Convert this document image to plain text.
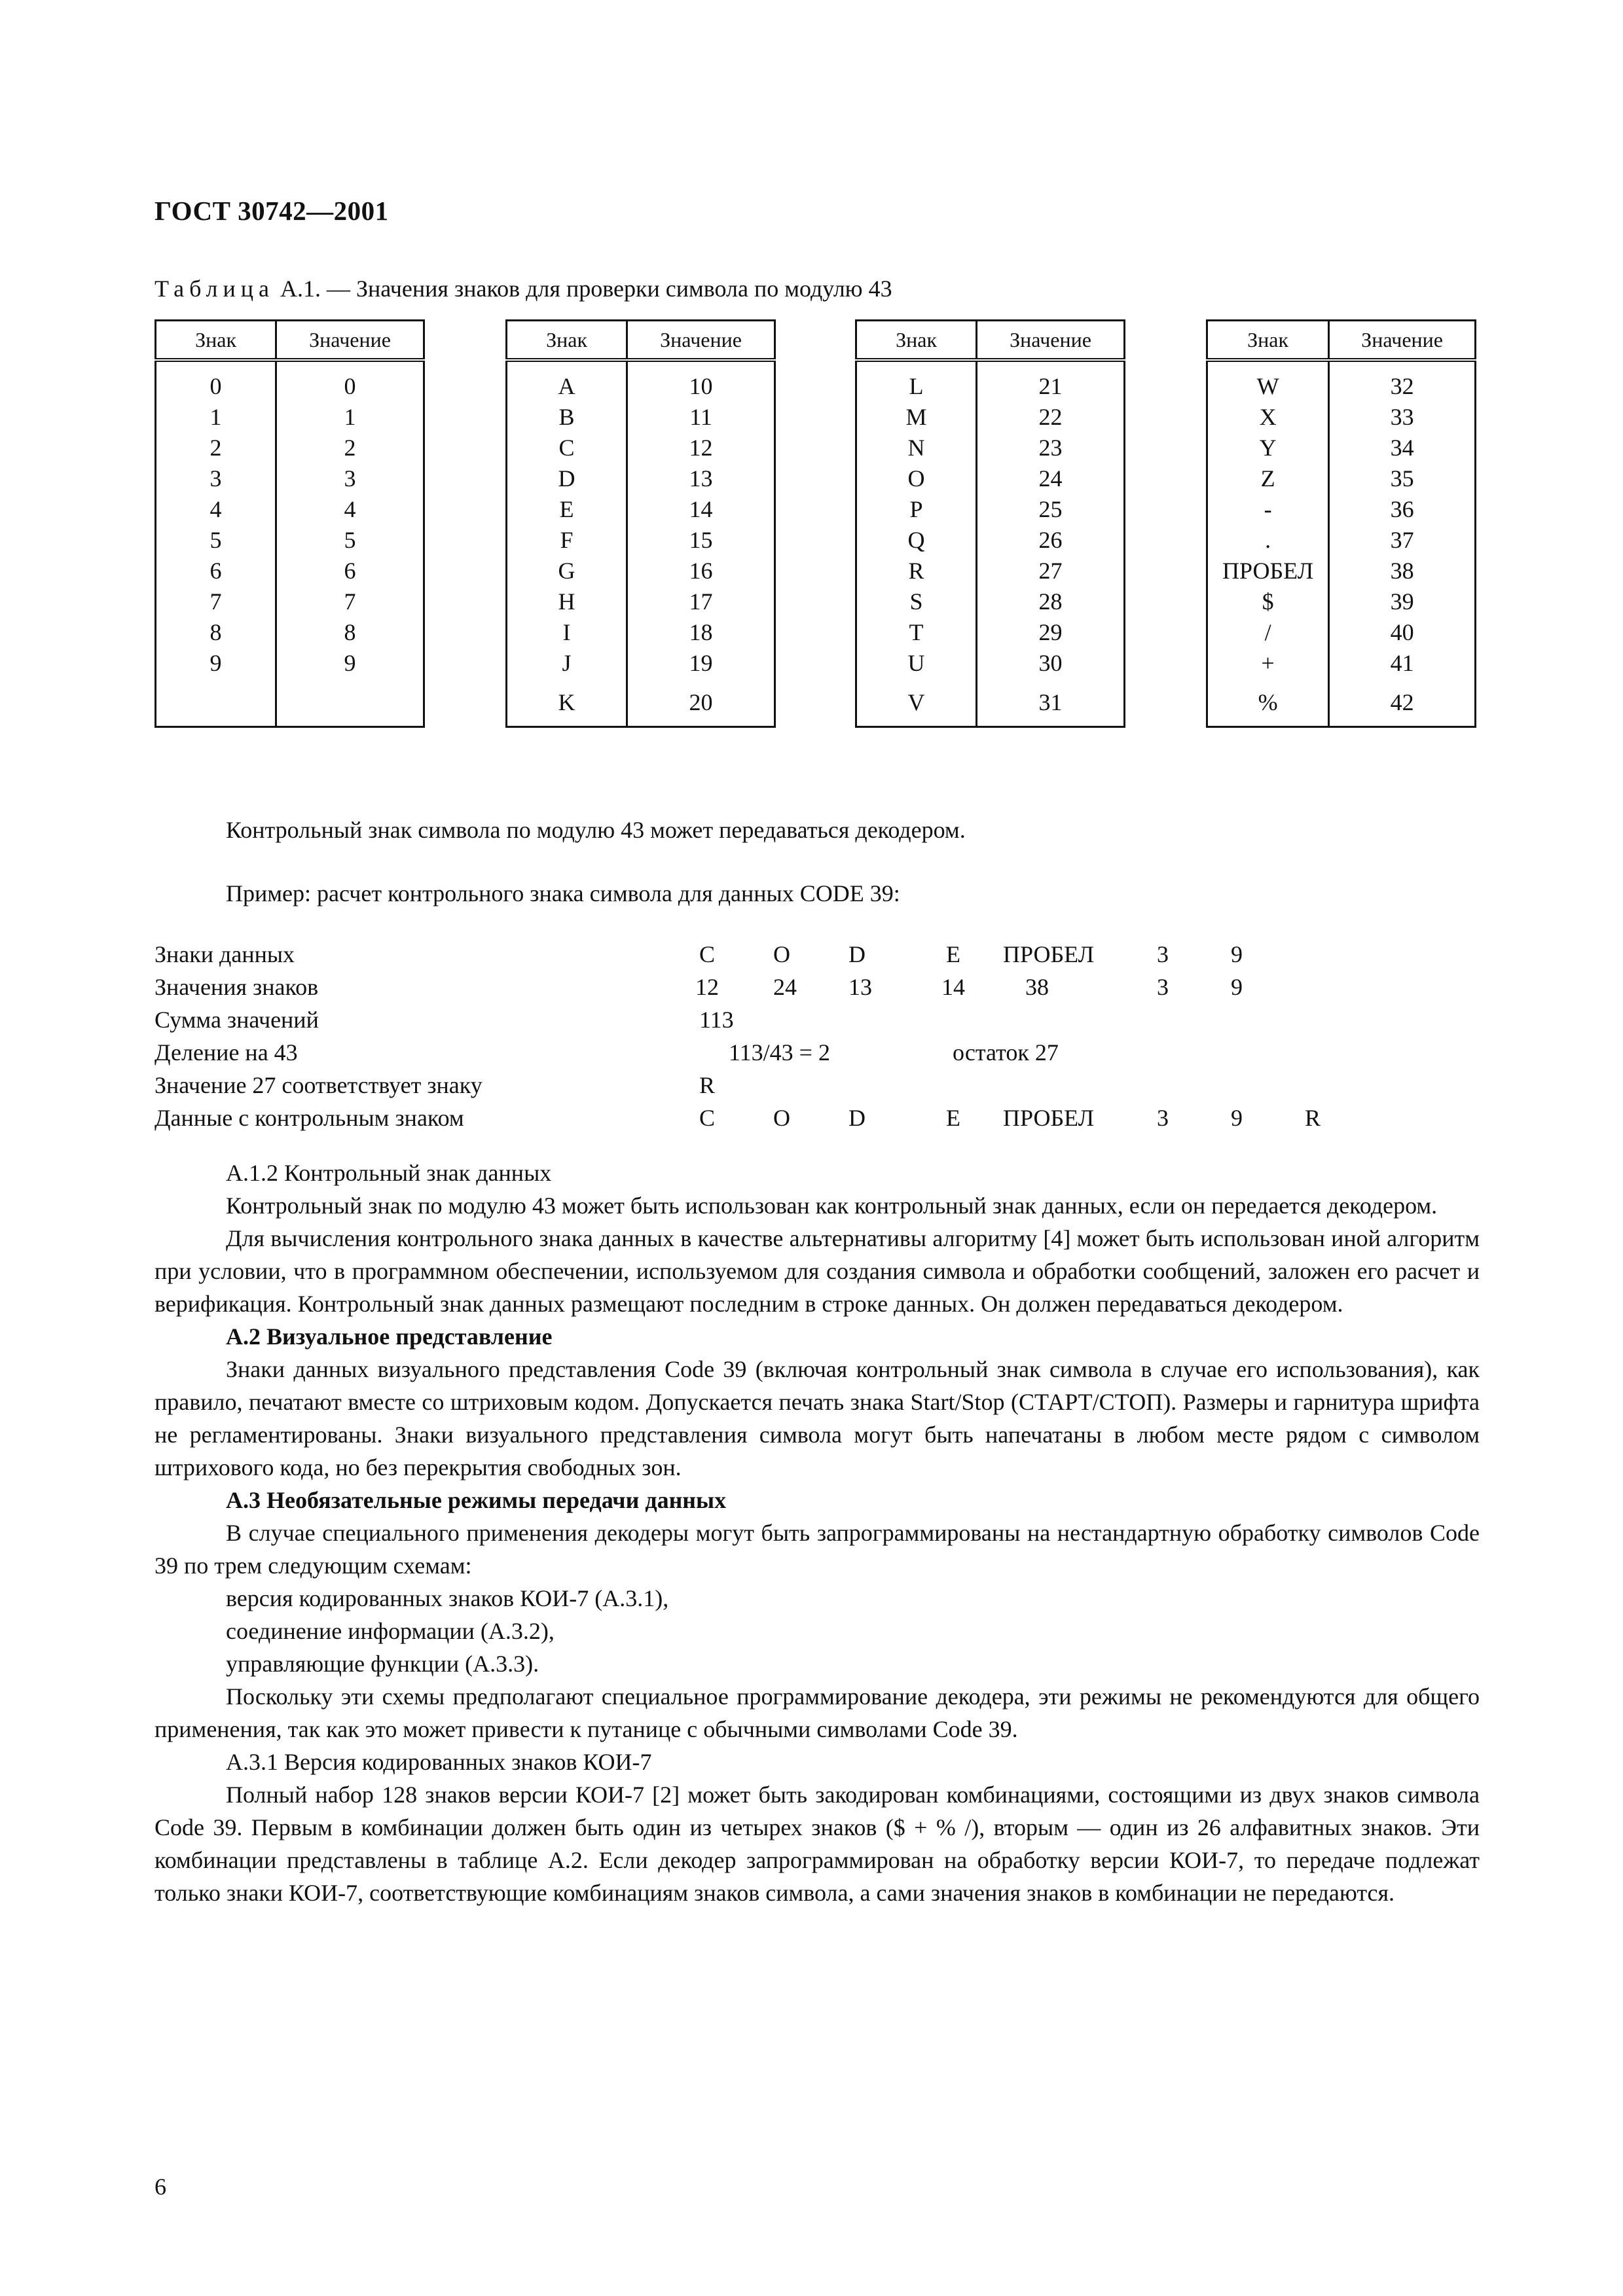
ГОСТ 30742—2001
Таблица А.1. — Значения знаков для проверки символа по модулю 43
Знак	Значение
0	0
1	1
2	2
3	3
4	4
5	5
6	6
7	7
8	8
9	9

Знак	Значение
A	10
B	11
C	12
D	13
E	14
F	15
G	16
H	17
I	18
J	19
K	20
Знак	Значение
L	21
M	22
N	23
O	24
P	25
Q	26
R	27
S	28
T	29
U	30
V	31
Знак	Значение
W	32
X	33
Y	34
Z	35
-	36
.	37
ПРОБЕЛ	38
$	39
/	40
+	41
%	42

Контрольный знак символа по модулю 43 может передаваться декодером.

Пример: расчет контрольного знака символа для данных CODE 39:

Знаки данных	C O D	E ПРОБЕЛ	3	9
Значения знаков	12 24 13	14	38	3	9
Сумма значений	113
Деление на 43	113/43 = 2	остаток 27
Значение 27 соответствует знаку	R
Данные с контрольным знаком	C O D	E ПРОБЕЛ	3	9	R

А.1.2 Контрольный знак данных

Контрольный знак по модулю 43 может быть использован как контрольный знак данных, если он передается декодером.

Для вычисления контрольного знака данных в качестве альтернативы алгоритму [4] может быть использован иной алгоритм при условии, что в программном обеспечении, используемом для создания символа и обработки сообщений, заложен его расчет и верификация. Контрольный знак данных размещают последним в строке данных. Он должен передаваться декодером.

А.2 Визуальное представление

Знаки данных визуального представления Code 39 (включая контрольный знак символа в случае его использования), как правило, печатают вместе со штриховым кодом. Допускается печать знака Start/Stop (СТАРТ/СТОП). Размеры и гарнитура шрифта не регламентированы. Знаки визуального представления символа могут быть напечатаны в любом месте рядом с символом штрихового кода, но без перекрытия свободных зон.

А.3 Необязательные режимы передачи данных

В случае специального применения декодеры могут быть запрограммированы на нестандартную обработку символов Code 39 по трем следующим схемам:

версия кодированных знаков КОИ-7 (А.3.1),

соединение информации (А.3.2),

управляющие функции (А.3.3).

Поскольку эти схемы предполагают специальное программирование декодера, эти режимы не рекомендуются для общего применения, так как это может привести к путанице с обычными символами Code 39.

А.3.1 Версия кодированных знаков КОИ-7

Полный набор 128 знаков версии КОИ-7 [2] может быть закодирован комбинациями, состоящими из двух знаков символа Code 39. Первым в комбинации должен быть один из четырех знаков ($ + % /), вторым — один из 26 алфавитных знаков. Эти комбинации представлены в таблице А.2. Если декодер запрограммирован на обработку версии КОИ-7, то передаче подлежат только знаки КОИ-7, соответствующие комбинациям знаков символа, а сами значения знаков в комбинации не передаются.

6
